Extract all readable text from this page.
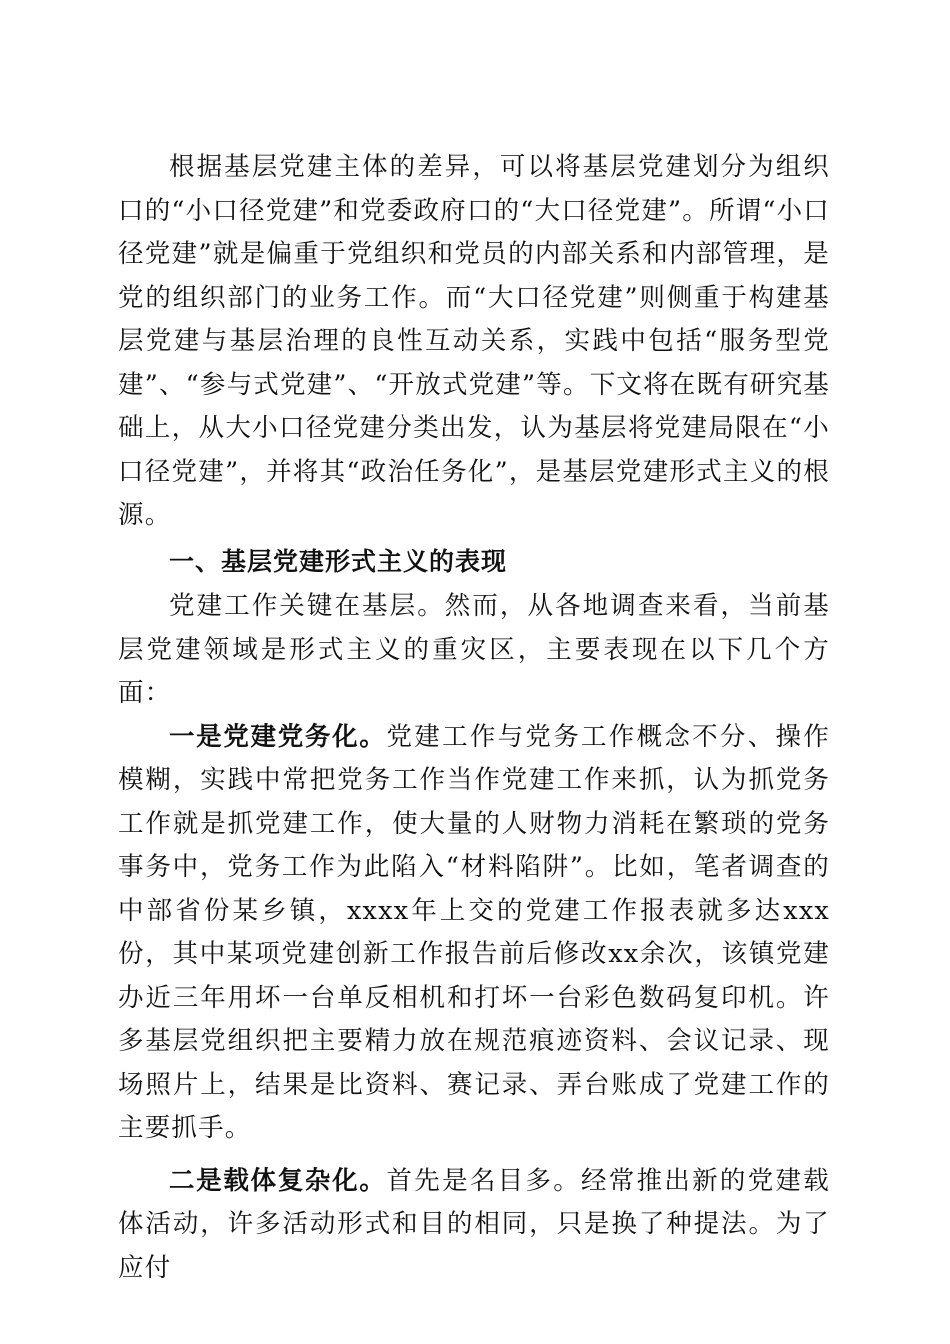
根据基层党建主体的差异，可以将基层党建划分为组织口的“小口径党建”和党委政府口的“大口径党建”。所谓“小口径党建”就是偏重于党组织和党员的内部关系和内部管理，是党的组织部门的业务工作。而“大口径党建”则侧重于构建基层党建与基层治理的良性互动关系，实践中包括“服务型党建”、“参与式党建”、“开放式党建”等。下文将在既有研究基础上，从大小口径党建分类出发，认为基层将党建局限在“小口径党建”，并将其“政治任务化”，是基层党建形式主义的根源。

一、基层党建形式主义的表现

党建工作关键在基层。然而，从各地调查来看，当前基层党建领域是形式主义的重灾区，主要表现在以下几个方面：

一是党建党务化。党建工作与党务工作概念不分、操作模糊，实践中常把党务工作当作党建工作来抓，认为抓党务工作就是抓党建工作，使大量的人财物力消耗在繁琐的党务事务中，党务工作为此陷入“材料陷阱”。比如，笔者调查的中部省份某乡镇，xxxx年上交的党建工作报表就多达xxx份，其中某项党建创新工作报告前后修改xx余次，该镇党建办近三年用坏一台单反相机和打坏一台彩色数码复印机。许多基层党组织把主要精力放在规范痕迹资料、会议记录、现场照片上，结果是比资料、赛记录、弄台账成了党建工作的主要抓手。

二是载体复杂化。首先是名目多。经常推出新的党建载体活动，许多活动形式和目的相同，只是换了种提法。为了应付
